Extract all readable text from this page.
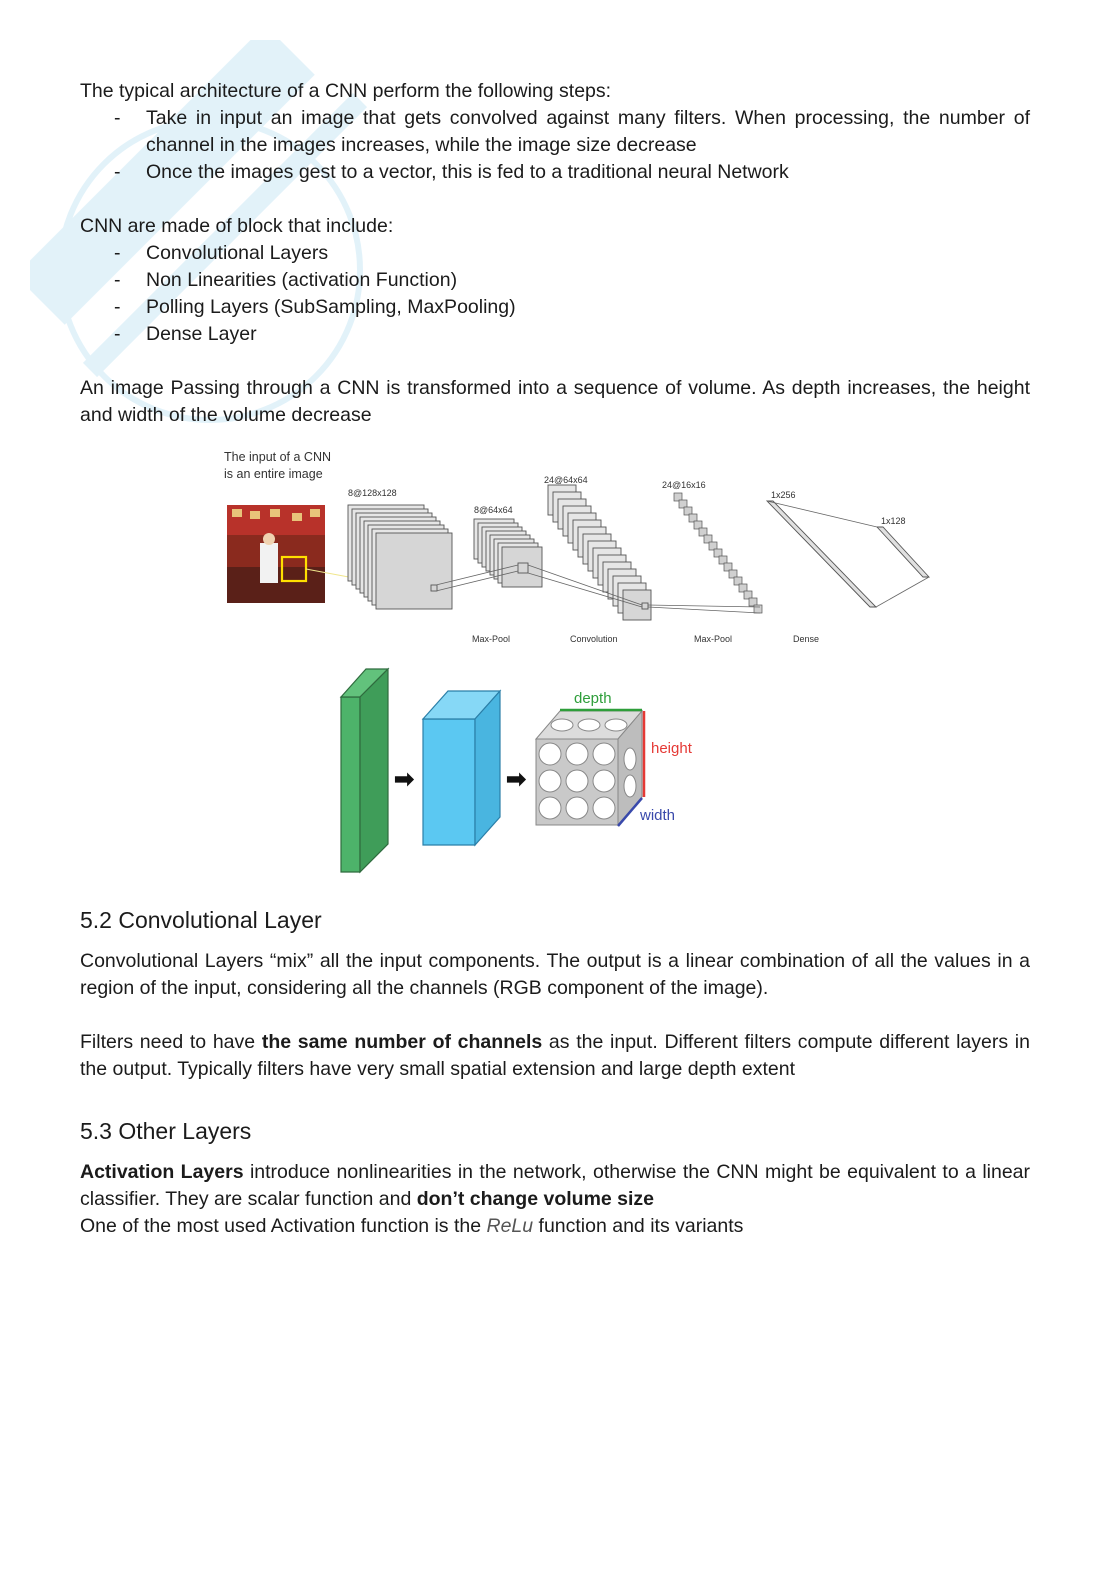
The typical architecture of a CNN perform the following steps:

- Take in input an image that gets convolved against many filters. When processing, the number of channel in the images increases, while the image size decrease
- Once the images gest to a vector, this is fed to a traditional neural Network

CNN are made of block that include:

- Convolutional Layers
- Non Linearities (activation Function)
- Polling Layers (SubSampling, MaxPooling)
- Dense Layer

An image Passing through a CNN is transformed into a sequence of volume. As depth increases, the height and width of the volume decrease

The input of a CNN
is an entire image
8@128x128
8@64x64
24@64x64	24@16x16
1x256
1x128
Max-Pool	Convolution	Max-Pool	Dense
➡	➡
depth
height
width
5.2 Convolutional Layer

Convolutional Layers “mix” all the input components. The output is a linear combination of all the values in a region of the input, considering all the channels (RGB component of the image).

Filters need to have the same number of channels as the input. Different filters compute different layers in the output. Typically filters have very small spatial extension and large depth extent

5.3 Other Layers

Activation Layers introduce nonlinearities in the network, otherwise the CNN might be equivalent to a linear classifier. They are scalar function and don’t change volume size

One of the most used Activation function is the ReLu function and its variants
